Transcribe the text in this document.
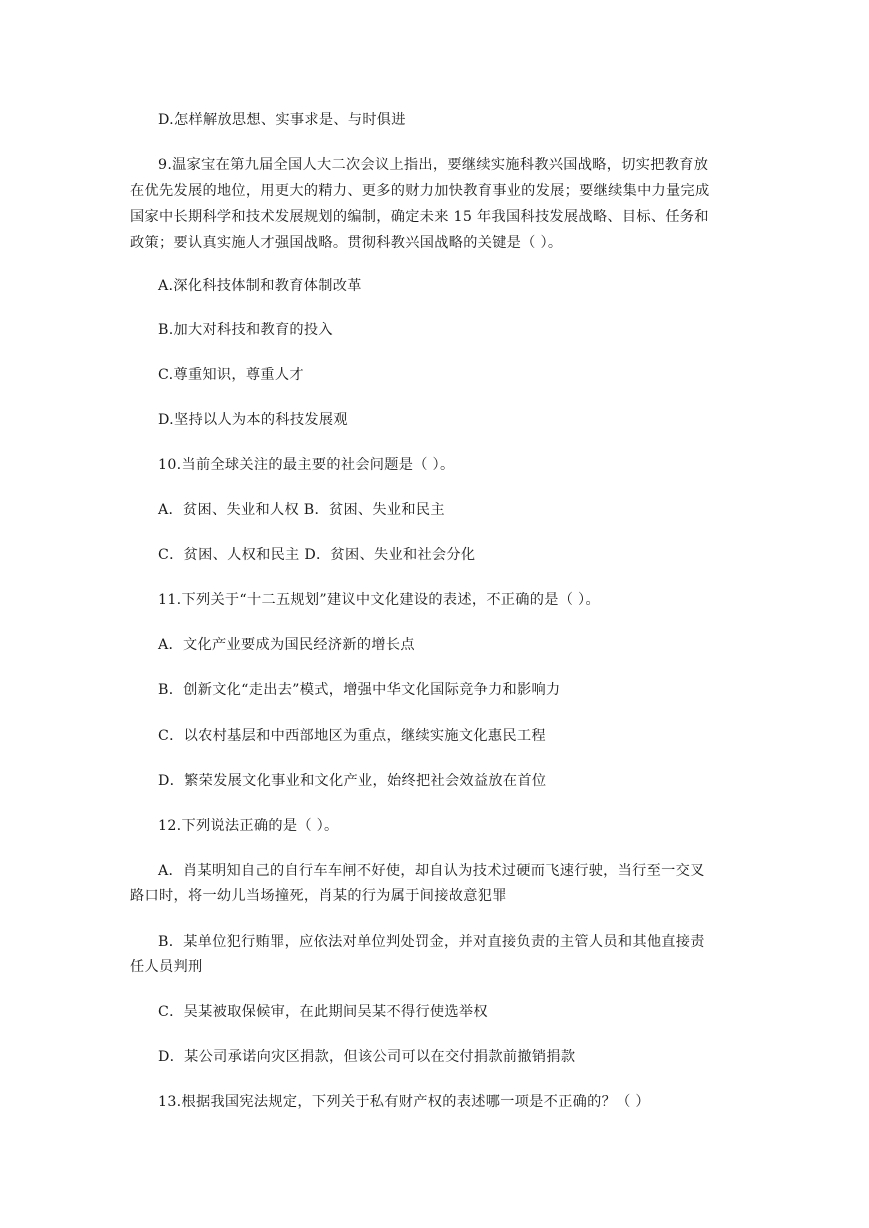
D.怎样解放思想、实事求是、与时俱进
9.温家宝在第九届全国人大二次会议上指出，要继续实施科教兴国战略，切实把教育放
在优先发展的地位，用更大的精力、更多的财力加快教育事业的发展；要继续集中力量完成
国家中长期科学和技术发展规划的编制，确定未来 15 年我国科技发展战略、目标、任务和
政策；要认真实施人才强国战略。贯彻科教兴国战略的关键是（ ）。
A.深化科技体制和教育体制改革
B.加大对科技和教育的投入
C.尊重知识，尊重人才
D.坚持以人为本的科技发展观
10.当前全球关注的最主要的社会问题是（ ）。
A．贫困、失业和人权 B．贫困、失业和民主
C．贫困、人权和民主 D．贫困、失业和社会分化
11.下列关于“十二五规划”建议中文化建设的表述，不正确的是（ ）。
A．文化产业要成为国民经济新的增长点
B．创新文化“走出去”模式，增强中华文化国际竞争力和影响力
C．以农村基层和中西部地区为重点，继续实施文化惠民工程
D．繁荣发展文化事业和文化产业，始终把社会效益放在首位
12.下列说法正确的是（ ）。
A．肖某明知自己的自行车车闸不好使，却自认为技术过硬而飞速行驶，当行至一交叉
路口时，将一幼儿当场撞死，肖某的行为属于间接故意犯罪
B．某单位犯行贿罪，应依法对单位判处罚金，并对直接负责的主管人员和其他直接责
任人员判刑
C．吴某被取保候审，在此期间吴某不得行使选举权
D．某公司承诺向灾区捐款，但该公司可以在交付捐款前撤销捐款
13.根据我国宪法规定，下列关于私有财产权的表述哪一项是不正确的？（ ）
